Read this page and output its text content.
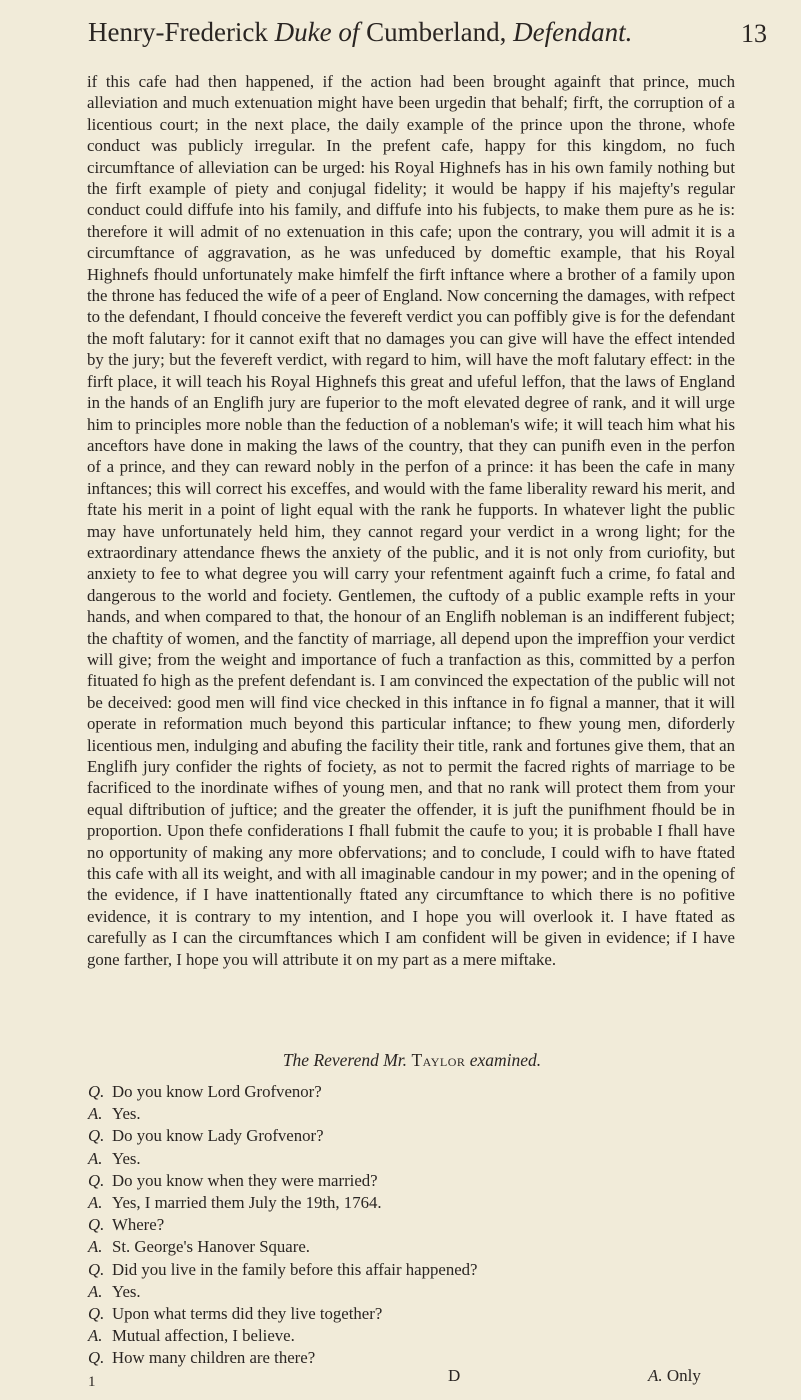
Henry-Frederick Duke of Cumberland, Defendant.	13

if this cafe had then happened, if the action had been brought againft that prince, much alleviation and much extenuation might have been urgedin that behalf; firft, the corruption of a licentious court; in the next place, the daily example of the prince upon the throne, whofe conduct was publicly irregular. In the prefent cafe, happy for this kingdom, no fuch circumftance of alleviation can be urged: his Royal Highnefs has in his own family nothing but the firft example of piety and conjugal fidelity; it would be happy if his majefty's regular conduct could diffufe into his family, and diffufe into his fubjects, to make them pure as he is: therefore it will admit of no extenuation in this cafe; upon the contrary, you will admit it is a circumftance of aggravation, as he was unfeduced by domeftic example, that his Royal Highnefs fhould unfortunately make himfelf the firft inftance where a brother of a family upon the throne has feduced the wife of a peer of England. Now concerning the damages, with refpect to the defendant, I fhould conceive the fevereft verdict you can poffibly give is for the defendant the moft falutary: for it cannot exift that no damages you can give will have the effect intended by the jury; but the fevereft verdict, with regard to him, will have the moft falutary effect: in the firft place, it will teach his Royal Highnefs this great and ufeful leffon, that the laws of England in the hands of an Englifh jury are fuperior to the moft elevated degree of rank, and it will urge him to principles more noble than the feduction of a nobleman's wife; it will teach him what his anceftors have done in making the laws of the country, that they can punifh even in the perfon of a prince, and they can reward nobly in the perfon of a prince: it has been the cafe in many inftances; this will correct his exceffes, and would with the fame liberality reward his merit, and ftate his merit in a point of light equal with the rank he fupports. In whatever light the public may have unfortunately held him, they cannot regard your verdict in a wrong light; for the extraordinary attendance fhews the anxiety of the public, and it is not only from curiofity, but anxiety to fee to what degree you will carry your refentment againft fuch a crime, fo fatal and dangerous to the world and fociety. Gentlemen, the cuftody of a public example refts in your hands, and when compared to that, the honour of an Englifh nobleman is an indifferent fubject; the chaftity of women, and the fanctity of marriage, all depend upon the impreffion your verdict will give; from the weight and importance of fuch a tranfaction as this, committed by a perfon fituated fo high as the prefent defendant is. I am convinced the expectation of the public will not be deceived: good men will find vice checked in this inftance in fo fignal a manner, that it will operate in reformation much beyond this particular inftance; to fhew young men, diforderly licentious men, indulging and abufing the facility their title, rank and fortunes give them, that an Englifh jury confider the rights of fociety, as not to permit the facred rights of marriage to be facrificed to the inordinate wifhes of young men, and that no rank will protect them from your equal diftribution of juftice; and the greater the offender, it is juft the punifhment fhould be in proportion. Upon thefe confiderations I fhall fubmit the caufe to you; it is probable I fhall have no opportunity of making any more obfervations; and to conclude, I could wifh to have ftated this cafe with all its weight, and with all imaginable candour in my power; and in the opening of the evidence, if I have inattentionally ftated any circumftance to which there is no pofitive evidence, it is contrary to my intention, and I hope you will overlook it. I have ftated as carefully as I can the circumftances which I am confident will be given in evidence; if I have gone farther, I hope you will attribute it on my part as a mere miftake.

The Reverend Mr. Taylor examined.
Q. Do you know Lord Grofvenor?
A. Yes.
Q. Do you know Lady Grofvenor?
A. Yes.
Q. Do you know when they were married?
A. Yes, I married them July the 19th, 1764.
Q. Where?
A. St. George's Hanover Square.
Q. Did you live in the family before this affair happened?
A. Yes.
Q. Upon what terms did they live together?
A. Mutual affection, I believe.
Q. How many children are there?
1	D	A. Only
